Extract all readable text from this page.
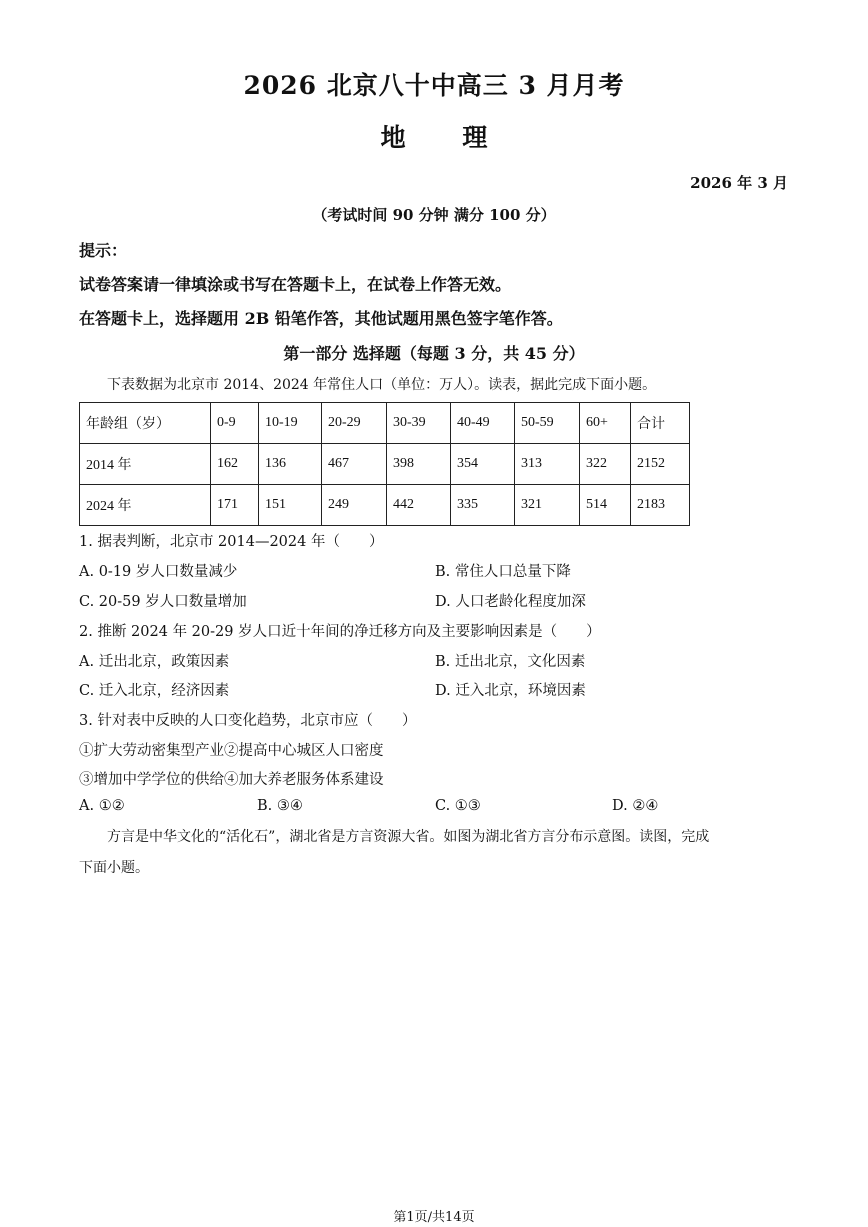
2026 北京八十中高三 3 月月考
地 理
2026 年 3 月
（考试时间 90 分钟 满分 100 分）
提示：
试卷答案请一律填涂或书写在答题卡上，在试卷上作答无效。
在答题卡上，选择题用 2B 铅笔作答，其他试题用黑色签字笔作答。
第一部分 选择题（每题 3 分，共 45 分）
下表数据为北京市 2014、2024 年常住人口（单位：万人）。读表，据此完成下面小题。
年龄组（岁）	0-9	10-19	20-29	30-39	40-49	50-59	60+	合计
2014 年	162	136	467	398	354	313	322	2152
2024 年	171	151	249	442	335	321	514	2183
1. 据表判断，北京市 2014—2024 年（　　）
A. 0-19 岁人口数量减少	B. 常住人口总量下降
C. 20-59 岁人口数量增加	D. 人口老龄化程度加深
2. 推断 2024 年 20-29 岁人口近十年间的净迁移方向及主要影响因素是（　　）
A. 迁出北京，政策因素	B. 迁出北京，文化因素
C. 迁入北京，经济因素	D. 迁入北京，环境因素
3. 针对表中反映的人口变化趋势，北京市应（　　）
①扩大劳动密集型产业②提高中心城区人口密度
③增加中学学位的供给④加大养老服务体系建设
A. ①②	B. ③④	C. ①③	D. ②④
方言是中华文化的“活化石”，湖北省是方言资源大省。如图为湖北省方言分布示意图。读图，完成
下面小题。
第1页/共14页
